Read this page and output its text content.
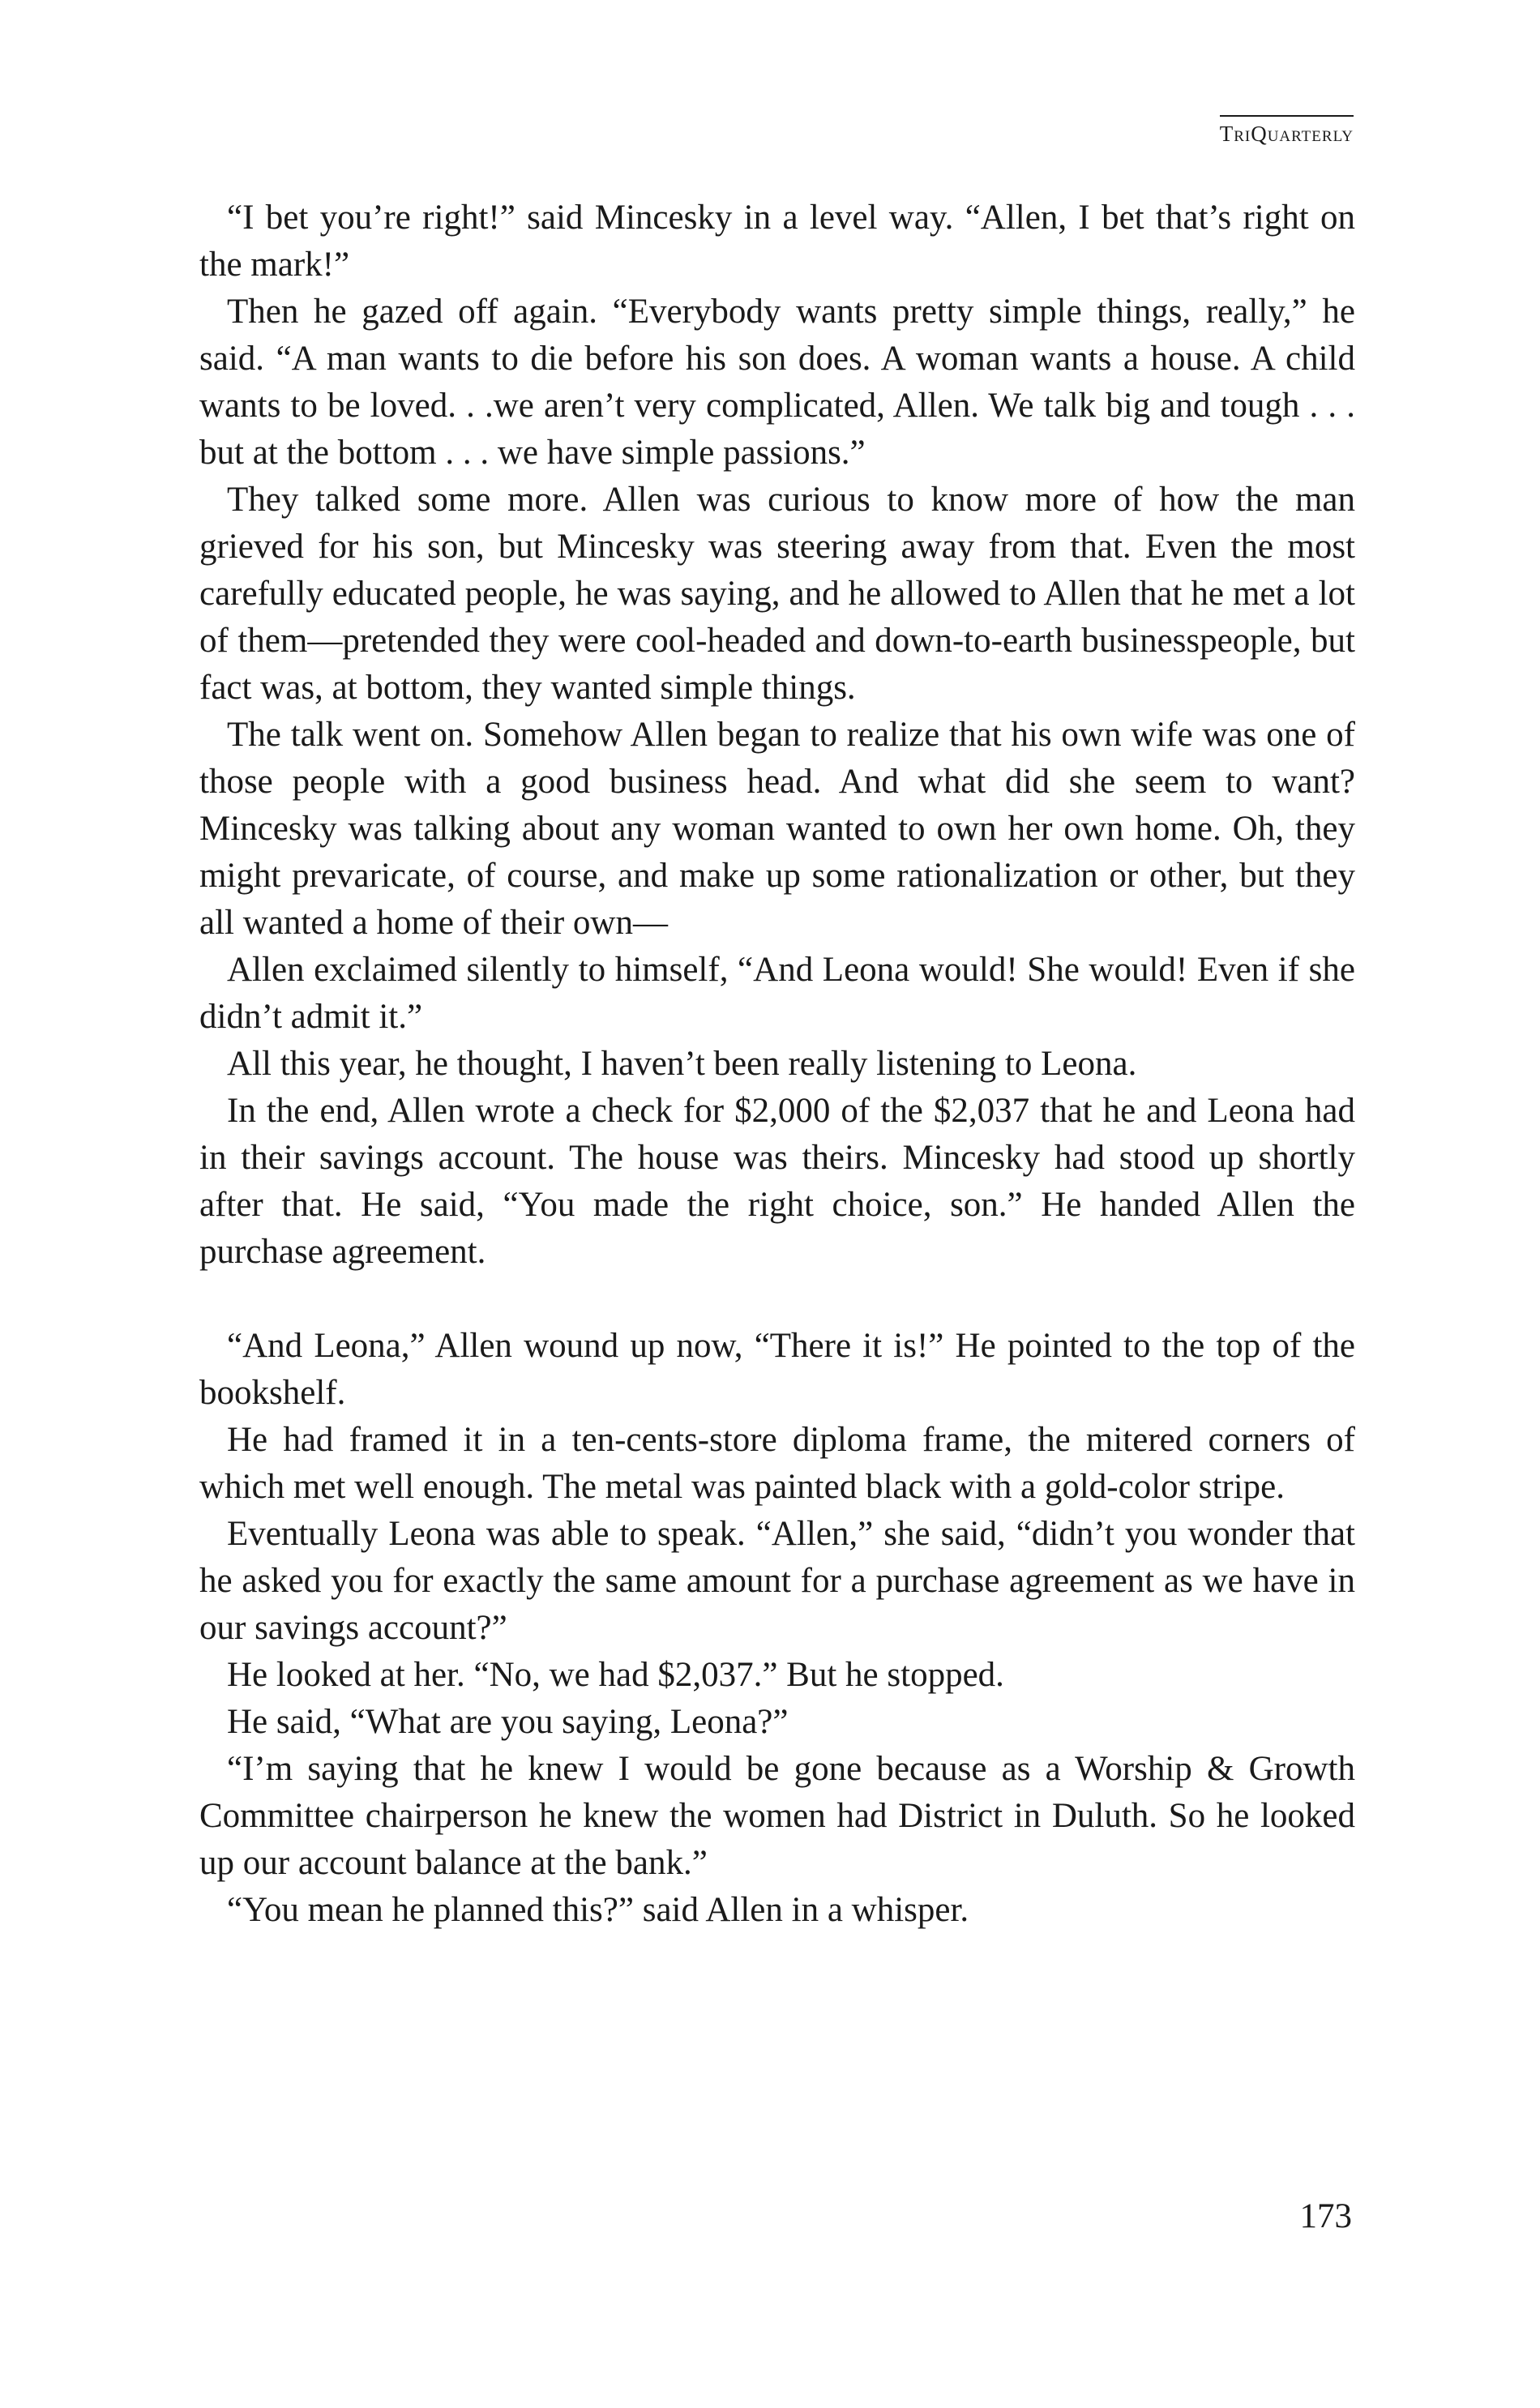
TriQuarterly

“I bet you’re right!” said Mincesky in a level way. “Allen, I bet that’s right on the mark!”

Then he gazed off again. “Everybody wants pretty simple things, really,” he said. “A man wants to die before his son does. A woman wants a house. A child wants to be loved. . .we aren’t very complicated, Allen. We talk big and tough . . . but at the bottom . . . we have simple passions.”

They talked some more. Allen was curious to know more of how the man grieved for his son, but Mincesky was steering away from that. Even the most carefully educated people, he was saying, and he allowed to Allen that he met a lot of them—pretended they were cool-headed and down-to-earth businesspeople, but fact was, at bottom, they wanted simple things.

The talk went on. Somehow Allen began to realize that his own wife was one of those people with a good business head. And what did she seem to want? Mincesky was talking about any woman wanted to own her own home. Oh, they might prevaricate, of course, and make up some rationalization or other, but they all wanted a home of their own—

Allen exclaimed silently to himself, “And Leona would! She would! Even if she didn’t admit it.”

All this year, he thought, I haven’t been really listening to Leona.

In the end, Allen wrote a check for $2,000 of the $2,037 that he and Leona had in their savings account. The house was theirs. Mincesky had stood up shortly after that. He said, “You made the right choice, son.” He handed Allen the purchase agreement.

“And Leona,” Allen wound up now, “There it is!” He pointed to the top of the bookshelf.

He had framed it in a ten-cents-store diploma frame, the mitered corners of which met well enough. The metal was painted black with a gold-color stripe.

Eventually Leona was able to speak. “Allen,” she said, “didn’t you wonder that he asked you for exactly the same amount for a purchase agreement as we have in our savings account?”

He looked at her. “No, we had $2,037.” But he stopped.

He said, “What are you saying, Leona?”

“I’m saying that he knew I would be gone because as a Worship & Growth Committee chairperson he knew the women had District in Duluth. So he looked up our account balance at the bank.”

“You mean he planned this?” said Allen in a whisper.

173
